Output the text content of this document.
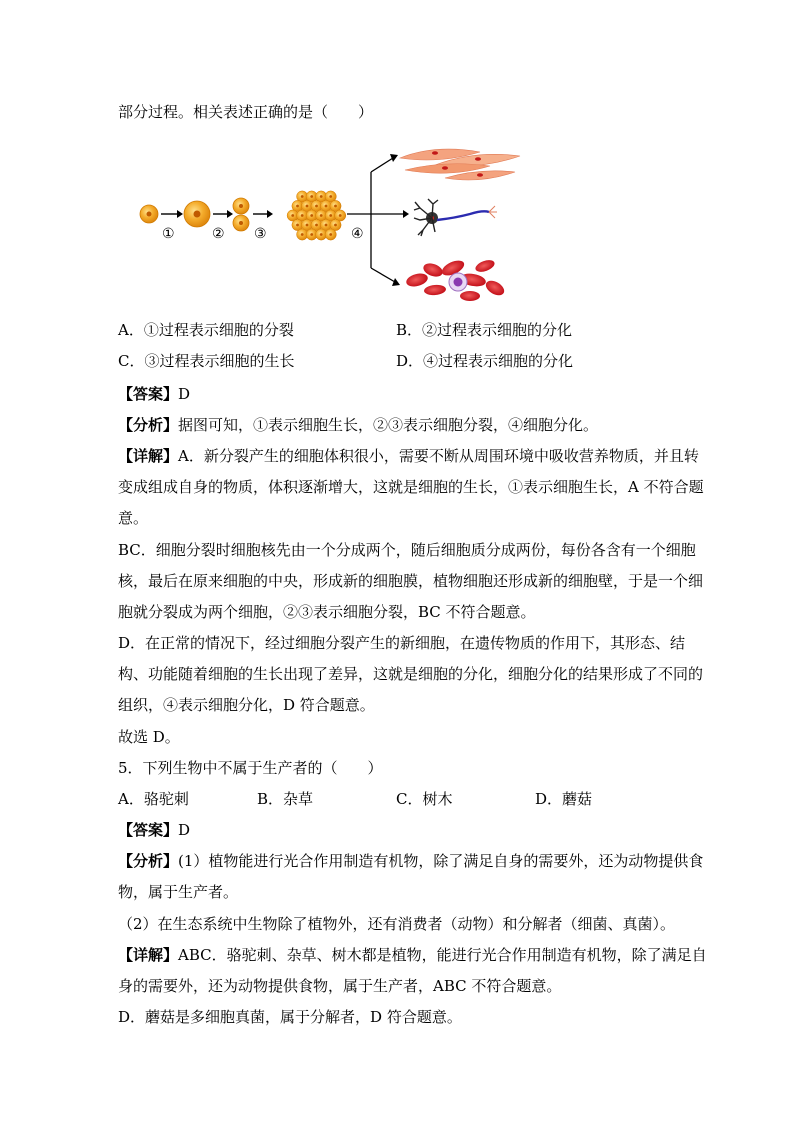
部分过程。相关表述正确的是（　　）
①	② ③	④
A．①过程表示细胞的分裂	B．②过程表示细胞的分化
C．③过程表示细胞的生长	D．④过程表示细胞的分化
【答案】D
【分析】据图可知，①表示细胞生长，②③表示细胞分裂，④细胞分化。
【详解】A．新分裂产生的细胞体积很小，需要不断从周围环境中吸收营养物质，并且转
变成组成自身的物质，体积逐渐增大，这就是细胞的生长，①表示细胞生长，A 不符合题
意。
BC．细胞分裂时细胞核先由一个分成两个，随后细胞质分成两份，每份各含有一个细胞
核，最后在原来细胞的中央，形成新的细胞膜，植物细胞还形成新的细胞壁，于是一个细
胞就分裂成为两个细胞，②③表示细胞分裂，BC 不符合题意。
D．在正常的情况下，经过细胞分裂产生的新细胞，在遗传物质的作用下，其形态、结
构、功能随着细胞的生长出现了差异，这就是细胞的分化，细胞分化的结果形成了不同的
组织，④表示细胞分化，D 符合题意。
故选 D。
5．下列生物中不属于生产者的（　　）
A．骆驼刺	B．杂草	C．树木	D．蘑菇
【答案】D
【分析】(1）植物能进行光合作用制造有机物，除了满足自身的需要外，还为动物提供食
物，属于生产者。
（2）在生态系统中生物除了植物外，还有消费者（动物）和分解者（细菌、真菌）。
【详解】ABC．骆驼刺、杂草、树木都是植物，能进行光合作用制造有机物，除了满足自
身的需要外，还为动物提供食物，属于生产者，ABC 不符合题意。
D．蘑菇是多细胞真菌，属于分解者，D 符合题意。
